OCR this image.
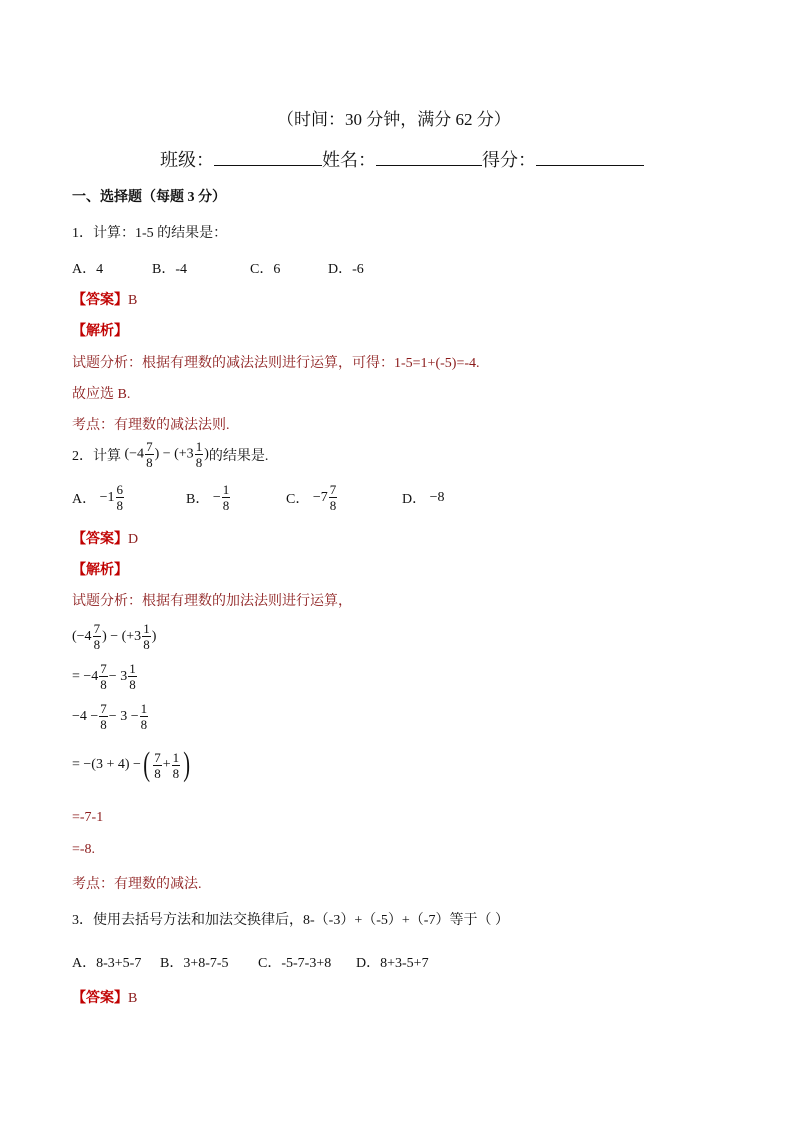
（时间：30 分钟，满分 62 分）
班级：	姓名：	得分：
一、选择题（每题 3 分）
1．计算：1-5 的结果是：
A．4	B．-4	C．6	D．-6
【答案】B
【解析】
试题分析：根据有理数的减法法则进行运算，可得：1-5=1+(-5)=-4.
故应选 B.
考点：有理数的减法法则.
2．计算 ($-4 \frac{7}{8}$ ) − ($+3 \frac{1}{8}$ ) 的结果是.
A． $-1 \frac{6}{8}$	B． − $\frac{1}{8}$	C． $-7 \frac{7}{8}$	D． −8
【答案】D
【解析】
试题分析：根据有理数的加法法则进行运算，
($-4 \frac{7}{8}$ ) − ($+3 \frac{1}{8}$ )
= $-4 \frac{7}{8} - 3 \frac{1}{8}$
$-4 - \frac{7}{8} - 3 - \frac{1}{8}$
= −(3 + 4) − ( $\frac{7}{8} + \frac{1}{8}$ )
=-7-1
=-8.
考点：有理数的减法.
3．使用去括号方法和加法交换律后，8-（-3）+（-5）+（-7）等于（ ）
A．8-3+5-7 B．3+8-7-5 C．-5-7-3+8 D．8+3-5+7
【答案】B
